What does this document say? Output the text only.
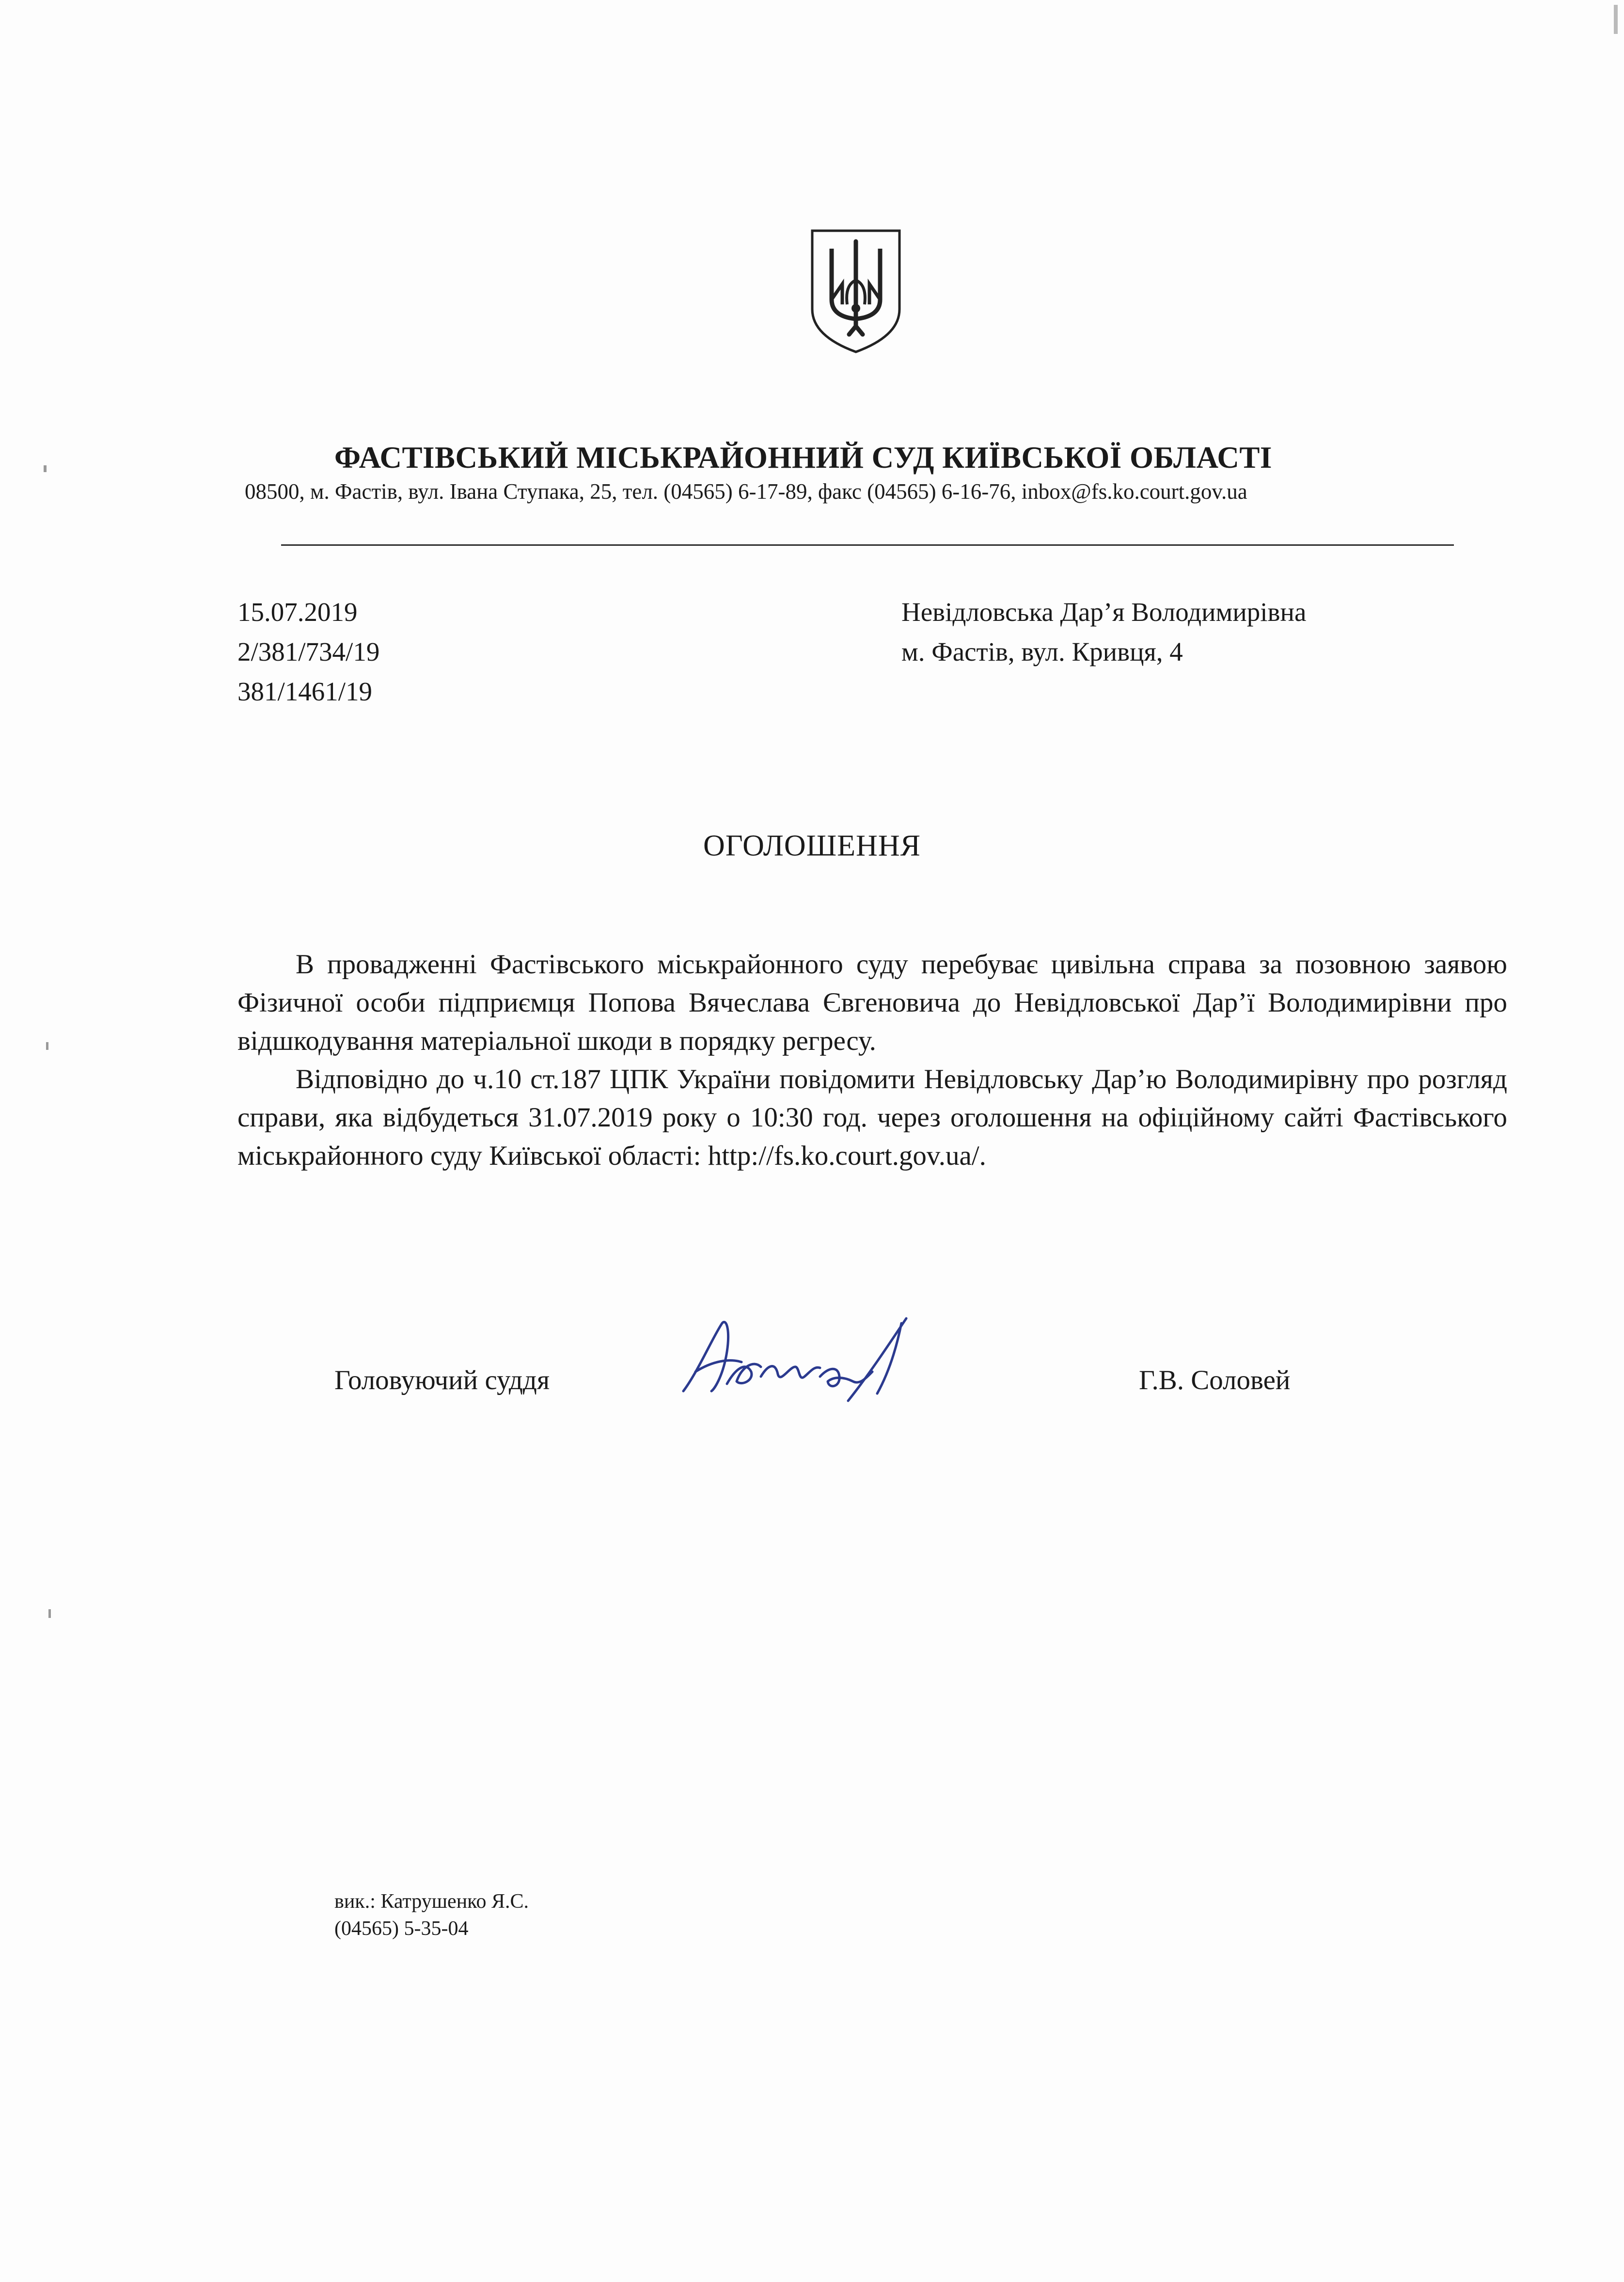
ФАСТІВСЬКИЙ МІСЬКРАЙОННИЙ СУД КИЇВСЬКОЇ ОБЛАСТІ
08500, м. Фастів, вул. Івана Ступака, 25, тел. (04565) 6-17-89, факс (04565) 6-16-76, inbox@fs.ko.court.gov.ua
15.07.2019
2/381/734/19
381/1461/19
Невідловська Дар’я Володимирівна
м. Фастів, вул. Кривця, 4
ОГОЛОШЕННЯ

В провадженні Фастівського міськрайонного суду перебуває цивільна справа за позовною заявою Фізичної особи підприємця Попова Вячеслава Євгеновича до Невідловської Дар’ї Володимирівни про відшкодування матеріальної шкоди в порядку регресу.

Відповідно до ч.10 ст.187 ЦПК України повідомити Невідловську Дар’ю Володимирівну про розгляд справи, яка відбудеться 31.07.2019 року о 10:30 год. через оголошення на офіційному сайті Фастівського міськрайонного суду Київської області: http://fs.ko.court.gov.ua/.

Головуючий суддя	Г.В. Соловей
вик.: Катрушенко Я.С.
(04565) 5-35-04
